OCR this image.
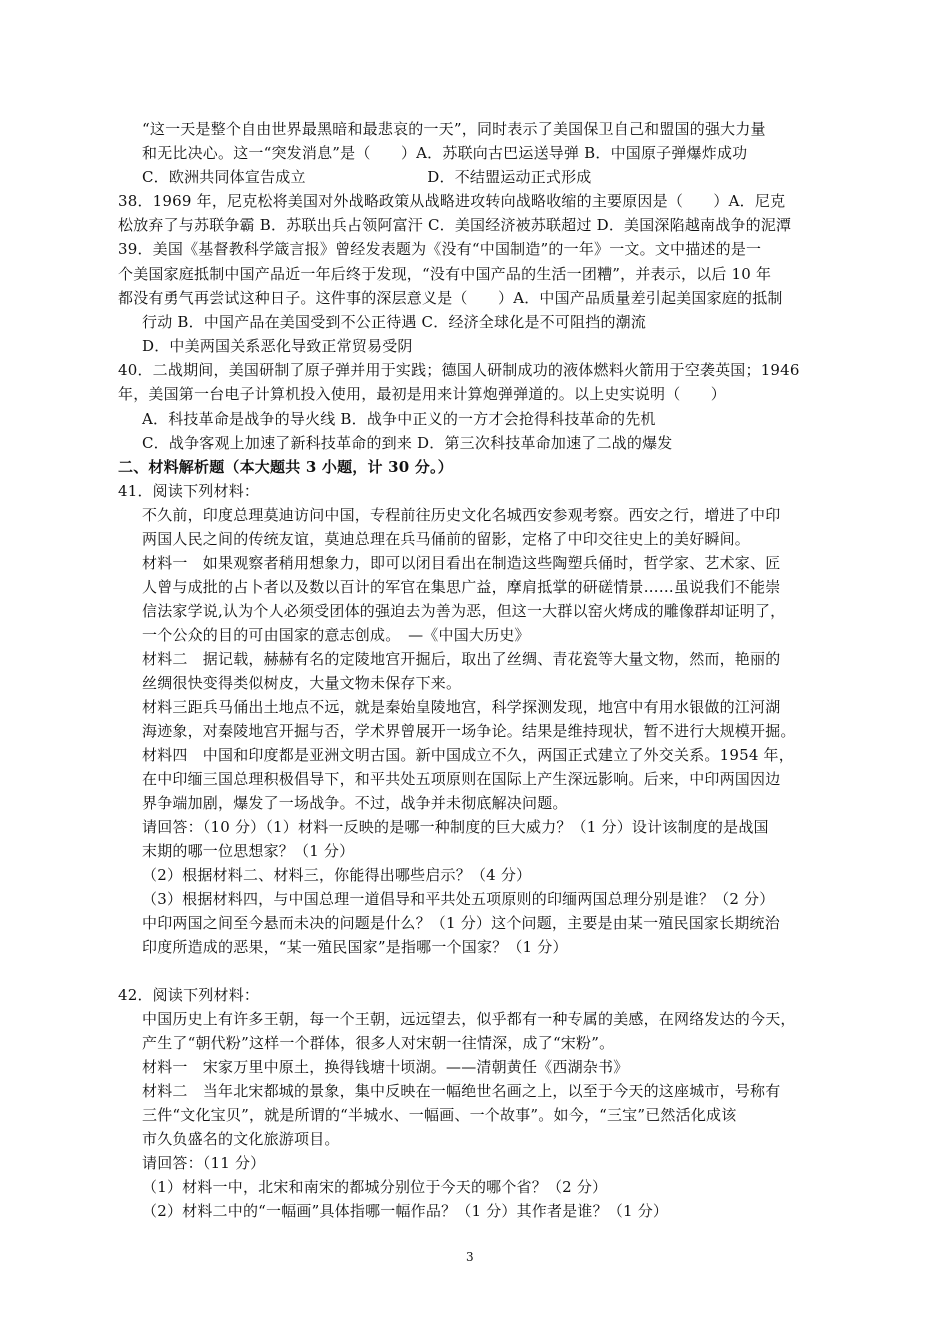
“这一天是整个自由世界最黑暗和最悲哀的一天”，同时表示了美国保卫自己和盟国的强大力量
和无比决心。这一“突发消息”是（　　）A．苏联向古巴运送导弹 B．中国原子弹爆炸成功
C．欧洲共同体宣告成立　　　　　　　　D．不结盟运动正式形成
38．1969 年，尼克松将美国对外战略政策从战略进攻转向战略收缩的主要原因是（　　）A．尼克
松放弃了与苏联争霸 B．苏联出兵占领阿富汗 C．美国经济被苏联超过 D．美国深陷越南战争的泥潭
39．美国《基督教科学箴言报》曾经发表题为《没有“中国制造”的一年》一文。文中描述的是一
个美国家庭抵制中国产品近一年后终于发现，“没有中国产品的生活一团糟”，并表示，以后 10 年
都没有勇气再尝试这种日子。这件事的深层意义是（　　）A．中国产品质量差引起美国家庭的抵制
行动 B．中国产品在美国受到不公正待遇 C．经济全球化是不可阻挡的潮流
D．中美两国关系恶化导致正常贸易受阴
40．二战期间，美国研制了原子弹并用于实践；德国人研制成功的液体燃料火箭用于空袭英国；1946
年，美国第一台电子计算机投入使用，最初是用来计算炮弹弹道的。以上史实说明（　　）
A．科技革命是战争的导火线 B．战争中正义的一方才会抢得科技革命的先机
C．战争客观上加速了新科技革命的到来 D．第三次科技革命加速了二战的爆发
二、材料解析题（本大题共 3 小题，计 30 分。）
41．阅读下列材料：
不久前，印度总理莫迪访问中国，专程前往历史文化名城西安参观考察。西安之行，增进了中印
两国人民之间的传统友谊，莫迪总理在兵马俑前的留影，定格了中印交往史上的美好瞬间。
材料一　如果观察者稍用想象力，即可以闭目看出在制造这些陶塑兵俑时，哲学家、艺术家、匠
人曾与成批的占卜者以及数以百计的军官在集思广益，摩肩抵掌的研磋情景……虽说我们不能崇
信法家学说,认为个人必须受团体的强迫去为善为恶，但这一大群以窑火烤成的雕像群却证明了，
一个公众的目的可由国家的意志创成。　—《中国大历史》
材料二　据记载，赫赫有名的定陵地宫开掘后，取出了丝绸、青花瓷等大量文物，然而，艳丽的
丝绸很快变得类似树皮，大量文物未保存下来。
材料三距兵马俑出土地点不远，就是秦始皇陵地宫，科学探测发现，地宫中有用水银做的江河湖
海迹象，对秦陵地宫开掘与否，学术界曾展开一场争论。结果是维持现状，暂不进行大规模开掘。
材料四　中国和印度都是亚洲文明古国。新中国成立不久，两国正式建立了外交关系。1954 年，
在中印缅三国总理积极倡导下，和平共处五项原则在国际上产生深远影响。后来，中印两国因边
界争端加剧，爆发了一场战争。不过，战争并未彻底解决问题。
请回答：（10 分）（1）材料一反映的是哪一种制度的巨大威力？（1 分）设计该制度的是战国
末期的哪一位思想家？（1 分）
（2）根据材料二、材料三，你能得出哪些启示？（4 分）
（3）根据材料四，与中国总理一道倡导和平共处五项原则的印缅两国总理分别是谁？（2 分）
中印两国之间至今悬而未决的问题是什么？（1 分）这个问题，主要是由某一殖民国家长期统治
印度所造成的恶果，“某一殖民国家”是指哪一个国家？（1 分）
42．阅读下列材料：
中国历史上有许多王朝，每一个王朝，远远望去，似乎都有一种专属的美感，在网络发达的今天，
产生了“朝代粉”这样一个群体，很多人对宋朝一往情深，成了“宋粉”。
材料一　宋家万里中原土，换得钱塘十顷湖。——清朝黄任《西湖杂书》
材料二　当年北宋都城的景象，集中反映在一幅绝世名画之上，以至于今天的这座城市，号称有
三件“文化宝贝”，就是所谓的“半城水、一幅画、一个故事”。如今，“三宝”已然活化成该
市久负盛名的文化旅游项目。
请回答：（11 分）
（1）材料一中，北宋和南宋的都城分别位于今天的哪个省？（2 分）
（2）材料二中的“一幅画”具体指哪一幅作品？（1 分）其作者是谁？（1 分）
3
